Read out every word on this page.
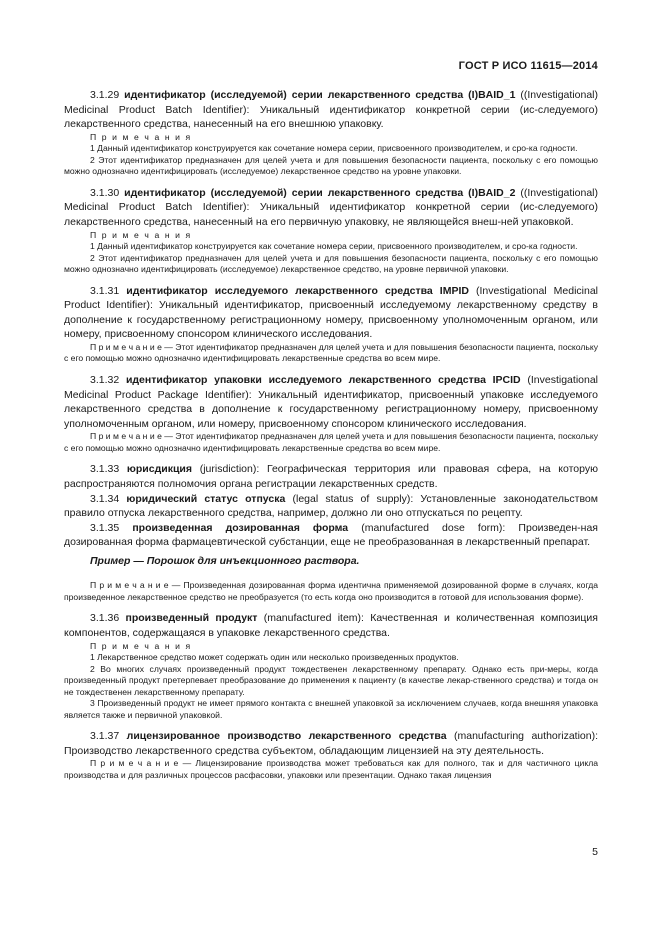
ГОСТ Р ИСО 11615—2014

3.1.29 идентификатор (исследуемой) серии лекарственного средства (I)BAID_1 ((Investigational) Medicinal Product Batch Identifier): Уникальный идентификатор конкретной серии (ис-следуемого) лекарственного средства, нанесенный на его внешнюю упаковку.

П р и м е ч а н и я

1 Данный идентификатор конструируется как сочетание номера серии, присвоенного производителем, и сро-ка годности.

2 Этот идентификатор предназначен для целей учета и для повышения безопасности пациента, поскольку с его помощью можно однозначно идентифицировать (исследуемое) лекарственное средство на уровне упаковки.

3.1.30 идентификатор (исследуемой) серии лекарственного средства (I)BAID_2 ((Investigational) Medicinal Product Batch Identifier): Уникальный идентификатор конкретной серии (ис-следуемого) лекарственного средства, нанесенный на его первичную упаковку, не являющейся внеш-ней упаковкой.

П р и м е ч а н и я

1 Данный идентификатор конструируется как сочетание номера серии, присвоенного производителем, и сро-ка годности.

2 Этот идентификатор предназначен для целей учета и для повышения безопасности пациента, поскольку с его помощью можно однозначно идентифицировать (исследуемое) лекарственное средство, на уровне первичной упаковки.

3.1.31 идентификатор исследуемого лекарственного средства IMPID (Investigational Medicinal Product Identifier): Уникальный идентификатор, присвоенный исследуемому лекарственному средству в дополнение к государственному регистрационному номеру, присвоенному уполномоченным органом, или номеру, присвоенному спонсором клинического исследования.

П р и м е ч а н и е — Этот идентификатор предназначен для целей учета и для повышения безопасности пациента, поскольку с его помощью можно однозначно идентифицировать лекарственные средства во всем мире.

3.1.32 идентификатор упаковки исследуемого лекарственного средства IPCID (Investigational Medicinal Product Package Identifier): Уникальный идентификатор, присвоенный упаковке исследуемого лекарственного средства в дополнение к государственному регистрационному номеру, присвоенному уполномоченным органом, или номеру, присвоенному спонсором клинического исследования.

П р и м е ч а н и е — Этот идентификатор предназначен для целей учета и для повышения безопасности пациента, поскольку с его помощью можно однозначно идентифицировать лекарственные средства во всем мире.

3.1.33 юрисдикция (jurisdiction): Географическая территория или правовая сфера, на которую распространяются полномочия органа регистрации лекарственных средств.

3.1.34 юридический статус отпуска (legal status of supply): Установленные законодательством правило отпуска лекарственного средства, например, должно ли оно отпускаться по рецепту.

3.1.35 произведенная дозированная форма (manufactured dose form): Произведен-ная дозированная форма фармацевтической субстанции, еще не преобразованная в лекарственный препарат.

Пример — Порошок для инъекционного раствора.

П р и м е ч а н и е — Произведенная дозированная форма идентична применяемой дозированной форме в случаях, когда произведенное лекарственное средство не преобразуется (то есть когда оно производится в готовой для использования форме).

3.1.36 произведенный продукт (manufactured item): Качественная и количественная композиция компонентов, содержащаяся в упаковке лекарственного средства.

П р и м е ч а н и я

1 Лекарственное средство может содержать один или несколько произведенных продуктов.

2 Во многих случаях произведенный продукт тождественен лекарственному препарату. Однако есть при-меры, когда произведенный продукт претерпевает преобразование до применения к пациенту (в качестве лекар-ственного средства) и тогда он не тождественен лекарственному препарату.

3 Произведенный продукт не имеет прямого контакта с внешней упаковкой за исключением случаев, когда внешняя упаковка является также и первичной упаковкой.

3.1.37 лицензированное производство лекарственного средства (manufacturing authorization): Производство лекарственного средства субъектом, обладающим лицензией на эту деятельность.

П р и м е ч а н и е — Лицензирование производства может требоваться как для полного, так и для частичного цикла производства и для различных процессов расфасовки, упаковки или презентации. Однако такая лицензия

5
